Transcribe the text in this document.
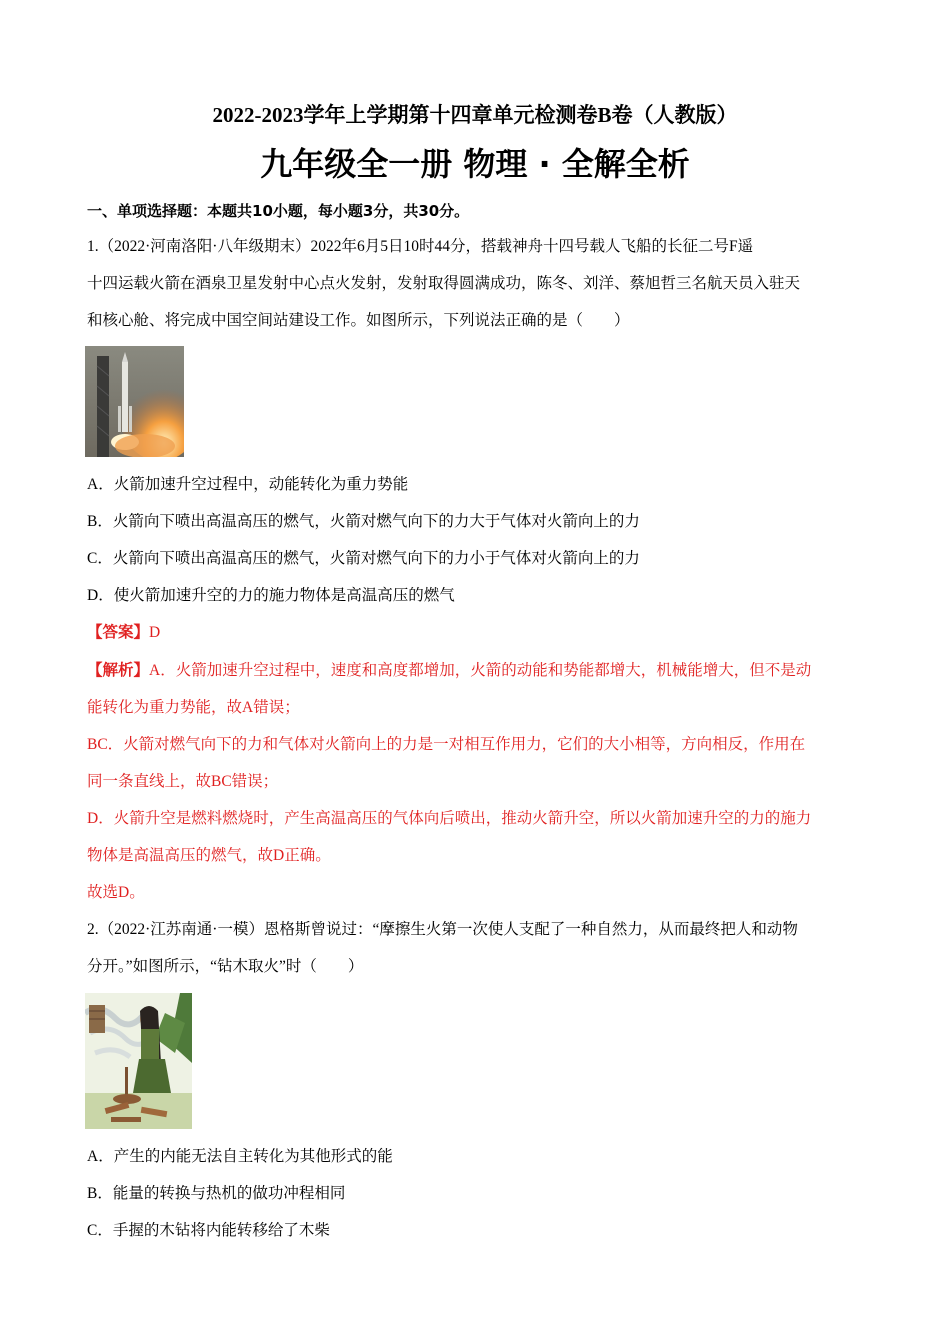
2022-2023学年上学期第十四章单元检测卷B卷（人教版）
九年级全一册 物理 · 全解全析
一、单项选择题：本题共10小题，每小题3分，共30分。
1.（2022·河南洛阳·八年级期末）2022年6月5日10时44分，搭载神舟十四号载人飞船的长征二号F遥
十四运载火箭在酒泉卫星发射中心点火发射，发射取得圆满成功，陈冬、刘洋、蔡旭哲三名航天员入驻天
和核心舱、将完成中国空间站建设工作。如图所示，下列说法正确的是（　　）
A．火箭加速升空过程中，动能转化为重力势能
B．火箭向下喷出高温高压的燃气，火箭对燃气向下的力大于气体对火箭向上的力
C．火箭向下喷出高温高压的燃气，火箭对燃气向下的力小于气体对火箭向上的力
D．使火箭加速升空的力的施力物体是高温高压的燃气
【答案】D
【解析】A．火箭加速升空过程中，速度和高度都增加，火箭的动能和势能都增大，机械能增大，但不是动
能转化为重力势能，故A错误；
BC．火箭对燃气向下的力和气体对火箭向上的力是一对相互作用力，它们的大小相等，方向相反，作用在
同一条直线上，故BC错误；
D．火箭升空是燃料燃烧时，产生高温高压的气体向后喷出，推动火箭升空，所以火箭加速升空的力的施力
物体是高温高压的燃气，故D正确。
故选D。
2.（2022·江苏南通·一模）恩格斯曾说过：“摩擦生火第一次使人支配了一种自然力，从而最终把人和动物
分开。”如图所示，“钻木取火”时（　　）
A．产生的内能无法自主转化为其他形式的能
B．能量的转换与热机的做功冲程相同
C．手握的木钻将内能转移给了木柴
